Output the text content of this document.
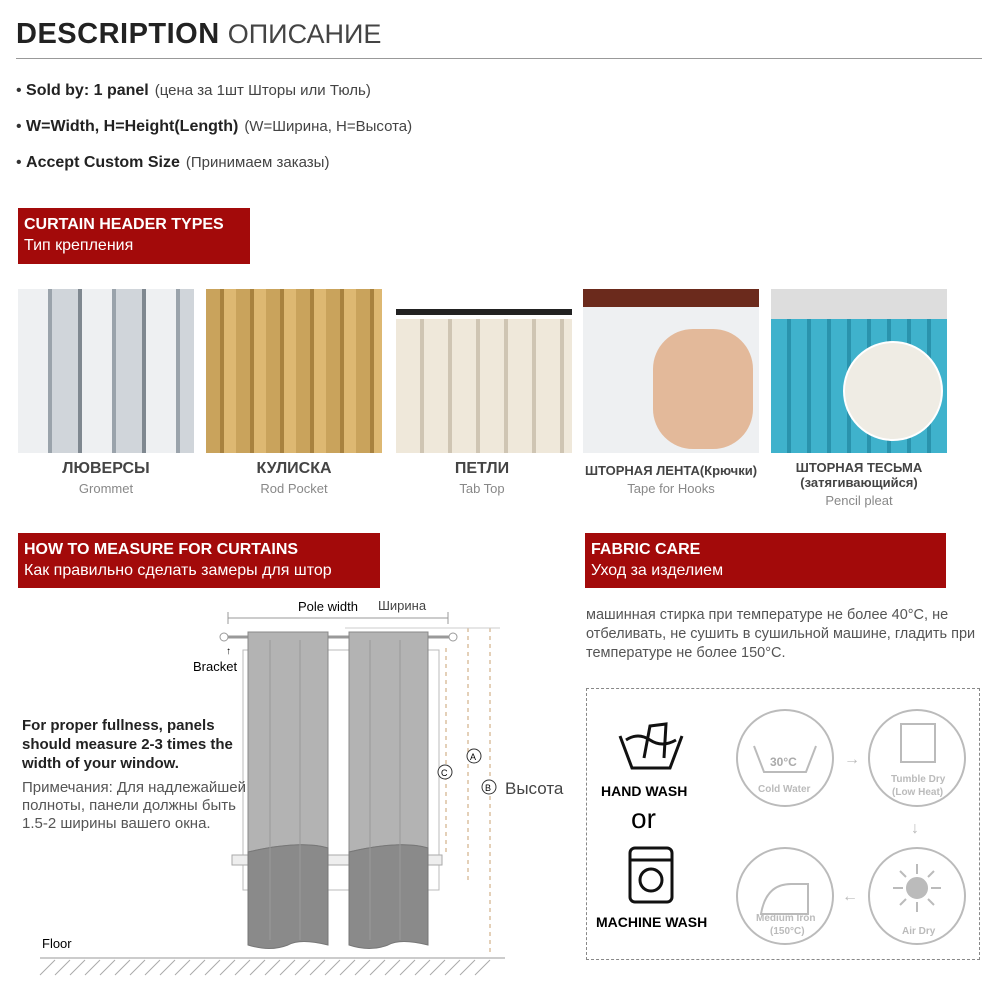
DESCRIPTION ОПИСАНИЕ
• Sold by: 1 panel (цена за 1шт Шторы или Тюль)
• W=Width, H=Height(Length) (W=Ширина, H=Высота)
• Accept Custom Size (Принимаем заказы)
CURTAIN HEADER TYPES
Тип крепления
ЛЮВЕРСЫ
Grommet
КУЛИСКА
Rod Pocket
ПЕТЛИ
Tab Top
ШТОРНАЯ ЛЕНТА(Крючки)
Tape for Hooks
ШТОРНАЯ ТЕСЬМА (затягивающийся)
Pencil pleat
HOW TO MEASURE FOR CURTAINS
Как правильно сделать замеры для штор
FABRIC CARE
Уход за изделием
C
A
B Высота
Pole width Ширина
↑
Bracket
Floor
For proper fullness, panels should measure 2-3 times the width of your window.
Примечания: Для надлежайшей полноты, панели должны быть 1.5-2 ширины вашего окна.
машинная стирка при температуре не более 40°C, не отбеливать, не сушить в сушильной машине, гладить при температуре не более 150°C.
HAND WASH
or
MACHINE WASH
→
↓
←
30°C
Cold Water
Tumble Dry
(Low Heat)
Medium Iron
(150°C)	Air Dry
